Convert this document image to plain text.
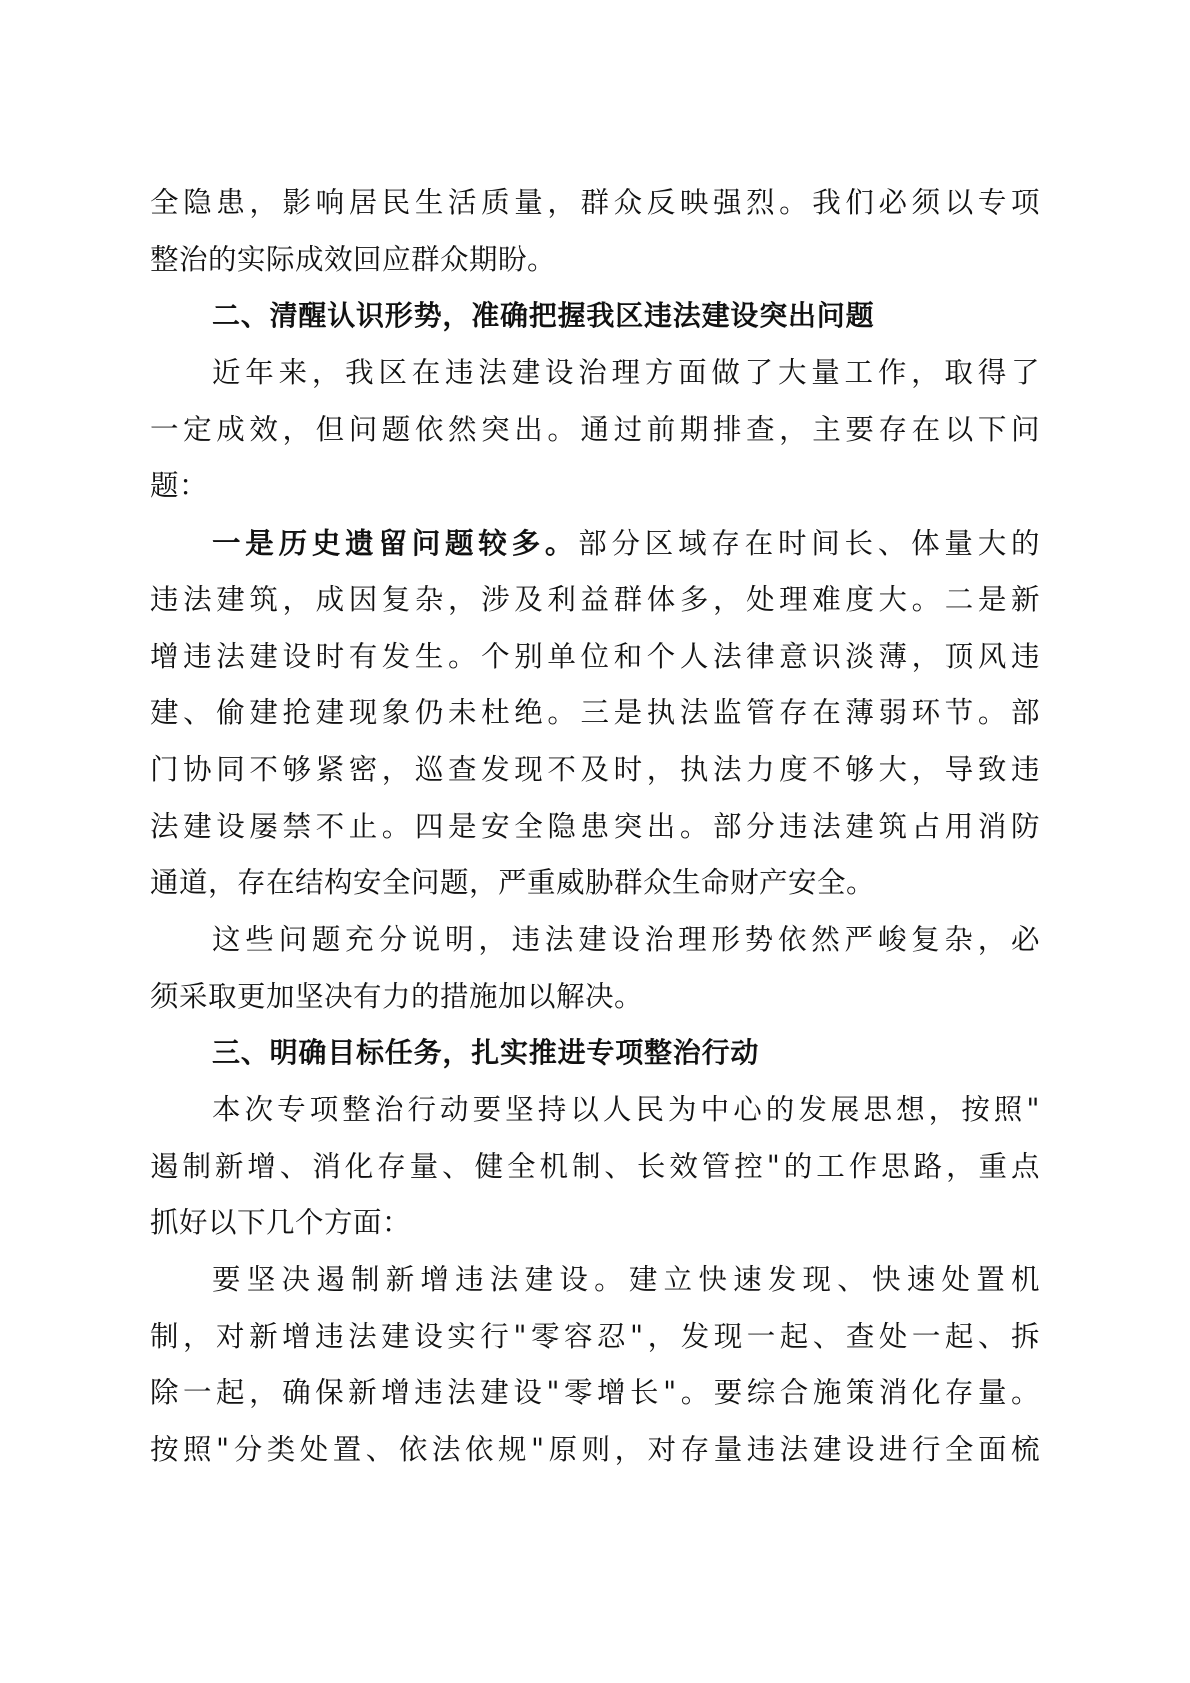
全隐患，影响居民生活质量，群众反映强烈。我们必须以专项
整治的实际成效回应群众期盼。
二、清醒认识形势，准确把握我区违法建设突出问题
近年来，我区在违法建设治理方面做了大量工作，取得了
一定成效，但问题依然突出。通过前期排查，主要存在以下问
题：
一是历史遗留问题较多。部分区域存在时间长、体量大的
违法建筑，成因复杂，涉及利益群体多，处理难度大。二是新
增违法建设时有发生。个别单位和个人法律意识淡薄，顶风违
建、偷建抢建现象仍未杜绝。三是执法监管存在薄弱环节。部
门协同不够紧密，巡查发现不及时，执法力度不够大，导致违
法建设屡禁不止。四是安全隐患突出。部分违法建筑占用消防
通道，存在结构安全问题，严重威胁群众生命财产安全。
这些问题充分说明，违法建设治理形势依然严峻复杂，必
须采取更加坚决有力的措施加以解决。
三、明确目标任务，扎实推进专项整治行动
本次专项整治行动要坚持以人民为中心的发展思想，按照"
遏制新增、消化存量、健全机制、长效管控"的工作思路，重点
抓好以下几个方面：
要坚决遏制新增违法建设。建立快速发现、快速处置机
制，对新增违法建设实行"零容忍"，发现一起、查处一起、拆
除一起，确保新增违法建设"零增长"。要综合施策消化存量。
按照"分类处置、依法依规"原则，对存量违法建设进行全面梳
